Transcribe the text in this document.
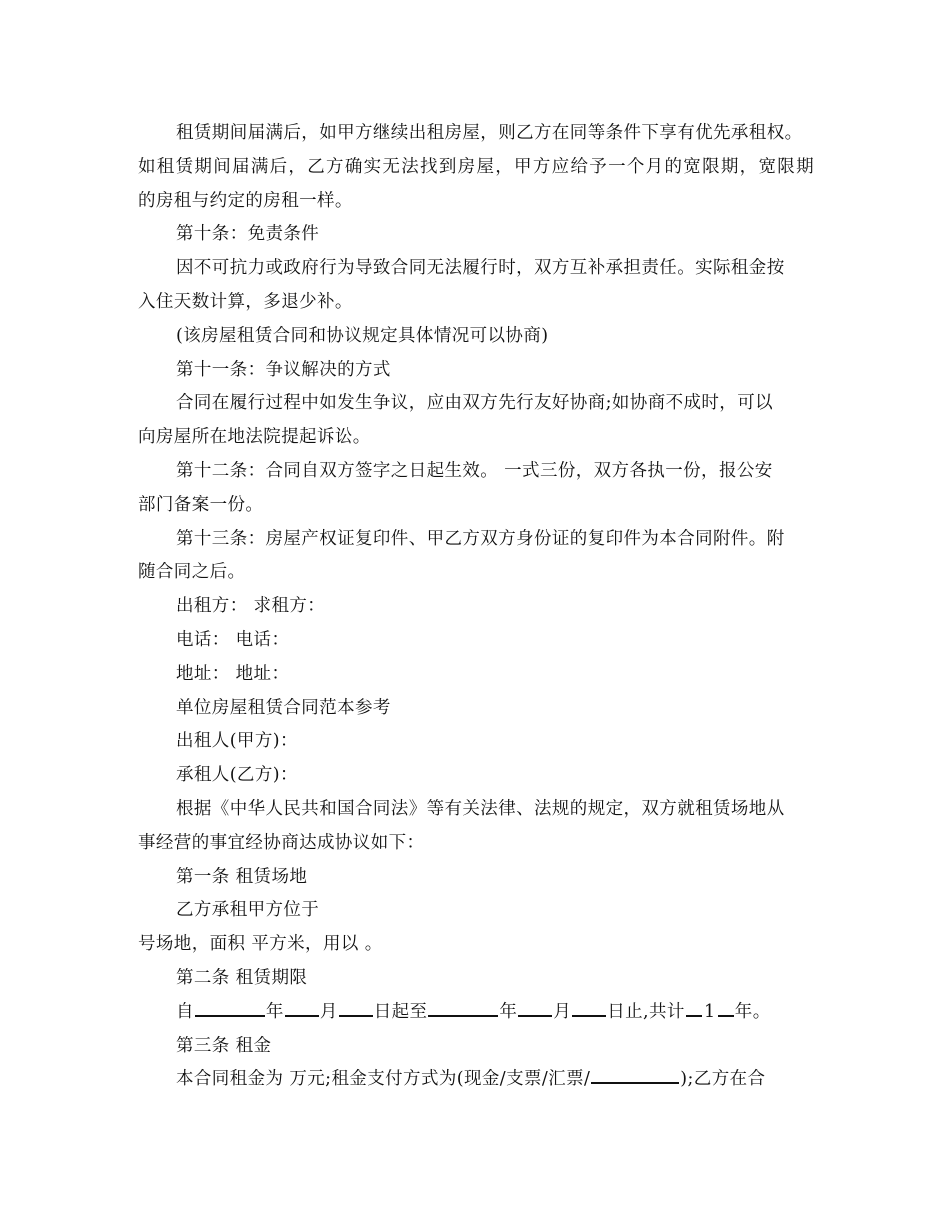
租赁期间届满后，如甲方继续出租房屋，则乙方在同等条件下享有优先承租权。
如租赁期间届满后，乙方确实无法找到房屋，甲方应给予一个月的宽限期，宽限期
的房租与约定的房租一样。
第十条：免责条件
因不可抗力或政府行为导致合同无法履行时，双方互补承担责任。实际租金按
入住天数计算，多退少补。
(该房屋租赁合同和协议规定具体情况可以协商)
第十一条：争议解决的方式
合同在履行过程中如发生争议，应由双方先行友好协商;如协商不成时，可以
向房屋所在地法院提起诉讼。
第十二条：合同自双方签字之日起生效。 一式三份，双方各执一份，报公安
部门备案一份。
第十三条：房屋产权证复印件、甲乙方双方身份证的复印件为本合同附件。附
随合同之后。
出租方： 求租方：
电话： 电话：
地址： 地址：
单位房屋租赁合同范本参考
出租人(甲方)：
承租人(乙方)：
根据《中华人民共和国合同法》等有关法律、法规的规定，双方就租赁场地从
事经营的事宜经协商达成协议如下：
第一条 租赁场地
乙方承租甲方位于
号场地，面积 平方米，用以 。
第二条 租赁期限
自	年 月 日起至	年 月 日止,共计 1 年。
第三条 租金
本合同租金为 万元;租金支付方式为(现金/支票/汇票/	);乙方在合
